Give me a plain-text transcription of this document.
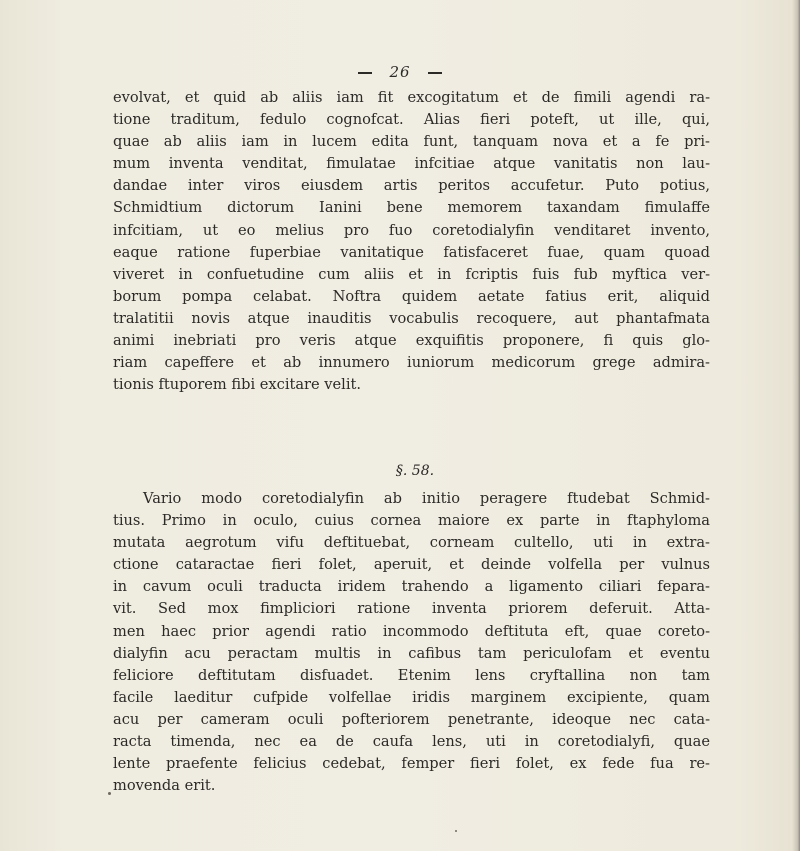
26
evolvat, et quid ab aliis iam fit excogitatum et de fimili agendi ra-
tione traditum, fedulo cognofcat. Alias fieri poteft, ut ille, qui,
quae ab aliis iam in lucem edita funt, tanquam nova et a fe pri-
mum inventa venditat, fimulatae infcitiae atque vanitatis non lau-
dandae inter viros eiusdem artis peritos accufetur. Puto potius,
Schmidtium dictorum Ianini bene memorem taxandam fimulaffe
infcitiam, ut eo melius pro fuo coretodialyfin venditaret invento,
eaque ratione fuperbiae vanitatique fatisfaceret fuae, quam quoad
viveret in confuetudine cum aliis et in fcriptis fuis fub myftica ver-
borum pompa celabat. Noftra quidem aetate fatius erit, aliquid
tralatitii novis atque inauditis vocabulis recoquere, aut phantafmata
animi inebriati pro veris atque exquifitis proponere, fi quis glo-
riam capeffere et ab innumero iuniorum medicorum grege admira-
tionis ftuporem fibi excitare velit.
§. 58.
Vario modo coretodialyfin ab initio peragere ftudebat Schmid-
tius. Primo in oculo, cuius cornea maiore ex parte in ftaphyloma
mutata aegrotum vifu deftituebat, corneam cultello, uti in extra-
ctione cataractae fieri folet, aperuit, et deinde volfella per vulnus
in cavum oculi traducta iridem trahendo a ligamento ciliari fepara-
vit. Sed mox fimpliciori ratione inventa priorem deferuit. Atta-
men haec prior agendi ratio incommodo deftituta eft, quae coreto-
dialyfin acu peractam multis in cafibus tam periculofam et eventu
feliciore deftitutam disfuadet. Etenim lens cryftallina non tam
facile laeditur cufpide volfellae iridis marginem excipiente, quam
acu per cameram oculi pofteriorem penetrante, ideoque nec cata-
racta timenda, nec ea de caufa lens, uti in coretodialyfi, quae
lente praefente felicius cedebat, femper fieri folet, ex fede fua re-
movenda erit.
